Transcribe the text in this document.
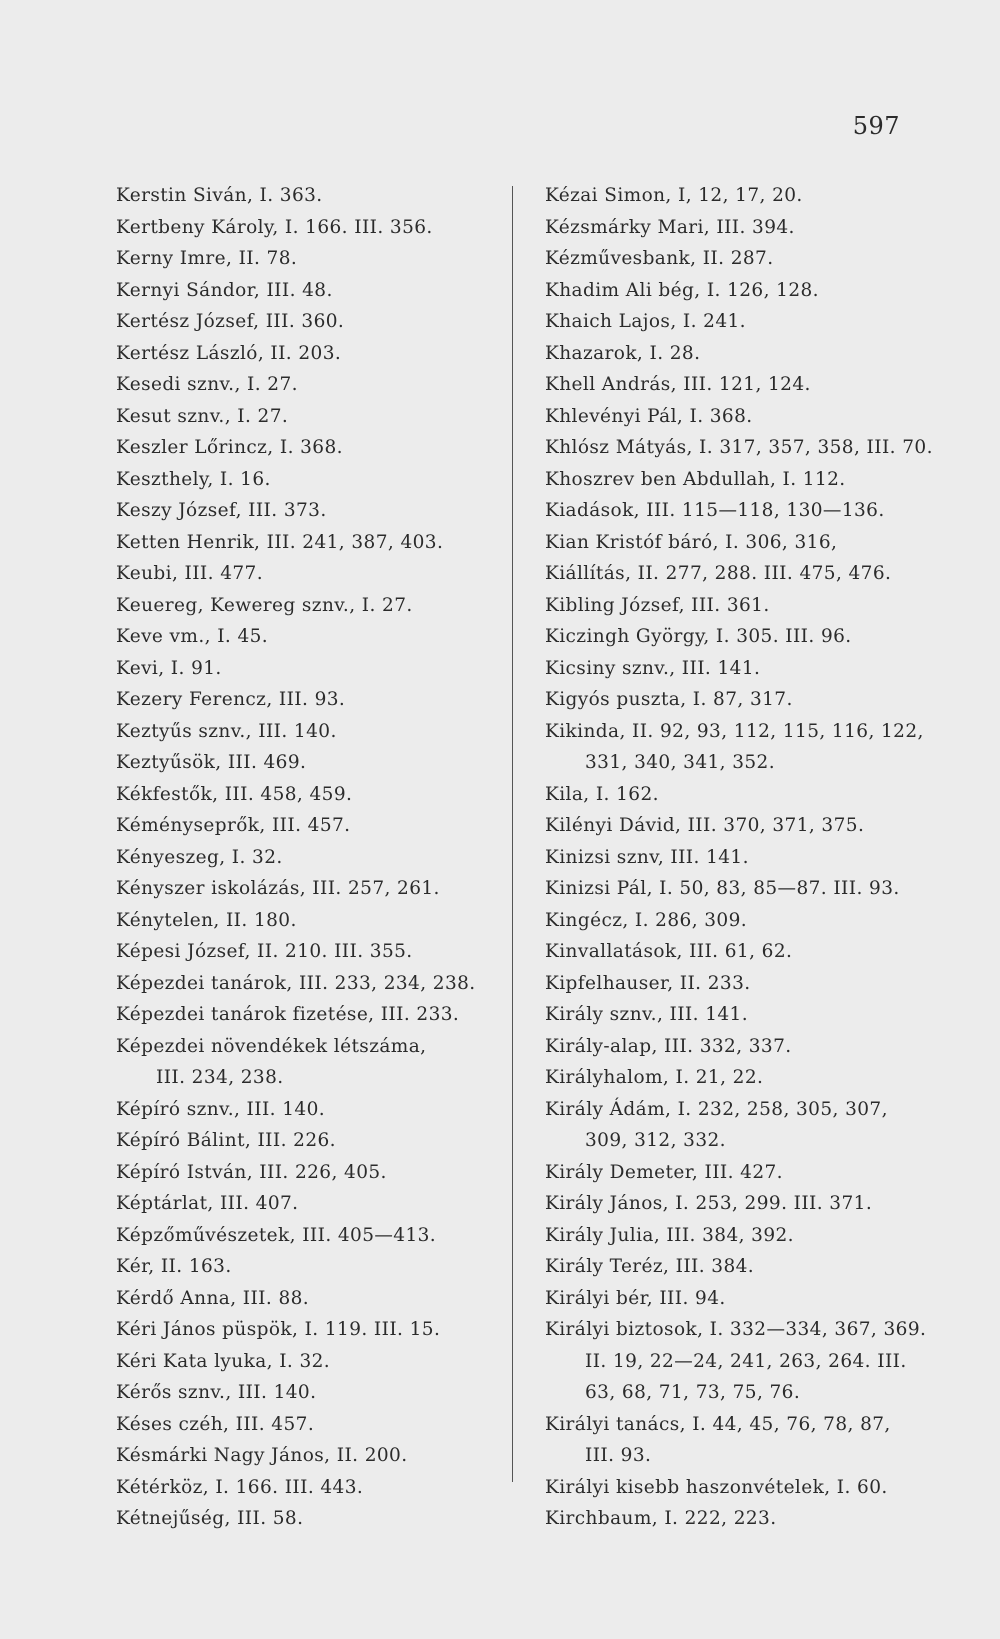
597
Kerstin Siván, I. 363.
Kertbeny Károly, I. 166. III. 356.
Kerny Imre, II. 78.
Kernyi Sándor, III. 48.
Kertész József, III. 360.
Kertész László, II. 203.
Kesedi sznv., I. 27.
Kesut sznv., I. 27.
Keszler Lőrincz, I. 368.
Keszthely, I. 16.
Keszy József, III. 373.
Ketten Henrik, III. 241, 387, 403.
Keubi, III. 477.
Keuereg, Kewereg sznv., I. 27.
Keve vm., I. 45.
Kevi, I. 91.
Kezery Ferencz, III. 93.
Keztyűs sznv., III. 140.
Keztyűsök, III. 469.
Kékfestők, III. 458, 459.
Kéményseprők, III. 457.
Kényeszeg, I. 32.
Kényszer iskolázás, III. 257, 261.
Kénytelen, II. 180.
Képesi József, II. 210. III. 355.
Képezdei tanárok, III. 233, 234, 238.
Képezdei tanárok fizetése, III. 233.
Képezdei növendékek létszáma,
III. 234, 238.
Képíró sznv., III. 140.
Képíró Bálint, III. 226.
Képíró István, III. 226, 405.
Képtárlat, III. 407.
Képzőművészetek, III. 405—413.
Kér, II. 163.
Kérdő Anna, III. 88.
Kéri János püspök, I. 119. III. 15.
Kéri Kata lyuka, I. 32.
Kérős sznv., III. 140.
Késes czéh, III. 457.
Késmárki Nagy János, II. 200.
Kétérköz, I. 166. III. 443.
Kétnejűség, III. 58.
Kézai Simon, I, 12, 17, 20.
Kézsmárky Mari, III. 394.
Kézművesbank, II. 287.
Khadim Ali bég, I. 126, 128.
Khaich Lajos, I. 241.
Khazarok, I. 28.
Khell András, III. 121, 124.
Khlevényi Pál, I. 368.
Khlósz Mátyás, I. 317, 357, 358, III. 70.
Khoszrev ben Abdullah, I. 112.
Kiadások, III. 115—118, 130—136.
Kian Kristóf báró, I. 306, 316,
Kiállítás, II. 277, 288. III. 475, 476.
Kibling József, III. 361.
Kiczingh György, I. 305. III. 96.
Kicsiny sznv., III. 141.
Kigyós puszta, I. 87, 317.
Kikinda, II. 92, 93, 112, 115, 116, 122,
331, 340, 341, 352.
Kila, I. 162.
Kilényi Dávid, III. 370, 371, 375.
Kinizsi sznv, III. 141.
Kinizsi Pál, I. 50, 83, 85—87. III. 93.
Kingécz, I. 286, 309.
Kinvallatások, III. 61, 62.
Kipfelhauser, II. 233.
Király sznv., III. 141.
Király-alap, III. 332, 337.
Királyhalom, I. 21, 22.
Király Ádám, I. 232, 258, 305, 307,
309, 312, 332.
Király Demeter, III. 427.
Király János, I. 253, 299. III. 371.
Király Julia, III. 384, 392.
Király Teréz, III. 384.
Királyi bér, III. 94.
Királyi biztosok, I. 332—334, 367, 369.
II. 19, 22—24, 241, 263, 264. III.
63, 68, 71, 73, 75, 76.
Királyi tanács, I. 44, 45, 76, 78, 87,
III. 93.
Királyi kisebb haszonvételek, I. 60.
Kirchbaum, I. 222, 223.
